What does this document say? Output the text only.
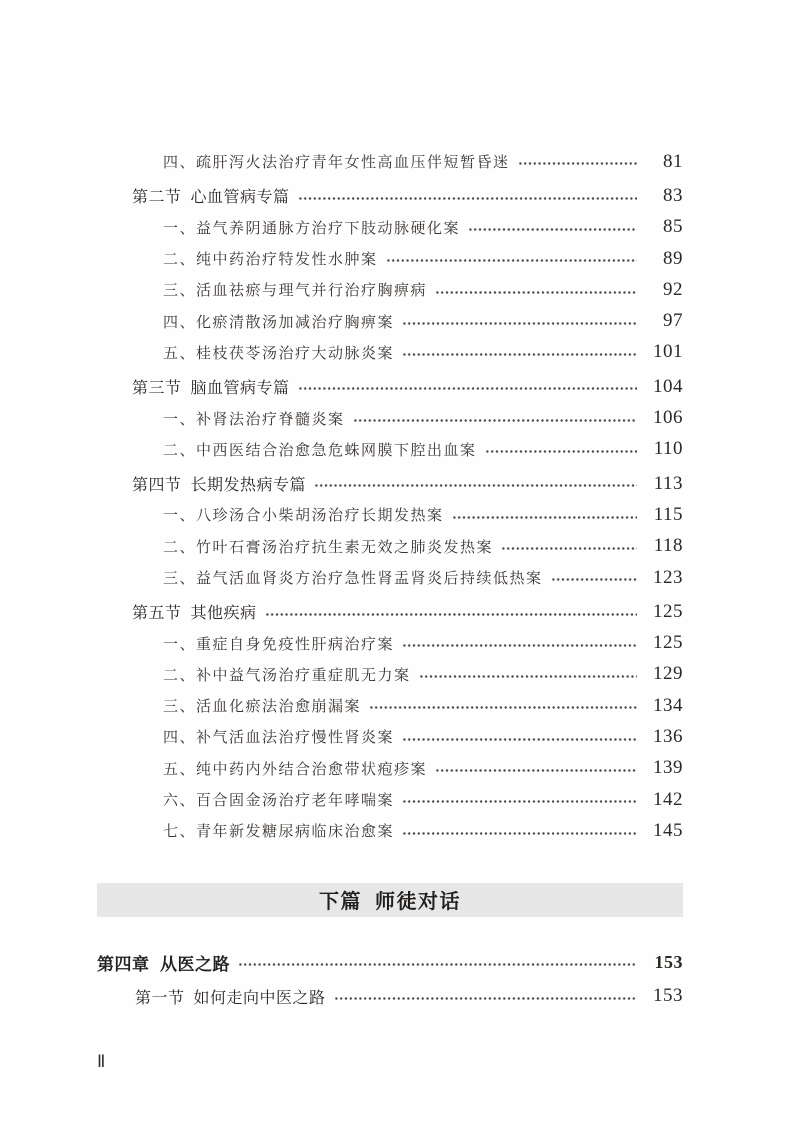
四、疏肝泻火法治疗青年女性高血压伴短暂昏迷	81
第二节  心血管病专篇	83
一、益气养阴通脉方治疗下肢动脉硬化案	85
二、纯中药治疗特发性水肿案	89
三、活血祛瘀与理气并行治疗胸痹病	92
四、化瘀清散汤加减治疗胸痹案	97
五、桂枝茯苓汤治疗大动脉炎案	101
第三节  脑血管病专篇	104
一、补肾法治疗脊髓炎案	106
二、中西医结合治愈急危蛛网膜下腔出血案	110
第四节  长期发热病专篇	113
一、八珍汤合小柴胡汤治疗长期发热案	115
二、竹叶石膏汤治疗抗生素无效之肺炎发热案	118
三、益气活血肾炎方治疗急性肾盂肾炎后持续低热案	123
第五节  其他疾病	125
一、重症自身免疫性肝病治疗案	125
二、补中益气汤治疗重症肌无力案	129
三、活血化瘀法治愈崩漏案	134
四、补气活血法治疗慢性肾炎案	136
五、纯中药内外结合治愈带状疱疹案	139
六、百合固金汤治疗老年哮喘案	142
七、青年新发糖尿病临床治愈案	145
下篇  师徒对话
第四章  从医之路	153
第一节  如何走向中医之路	153
Ⅱ
